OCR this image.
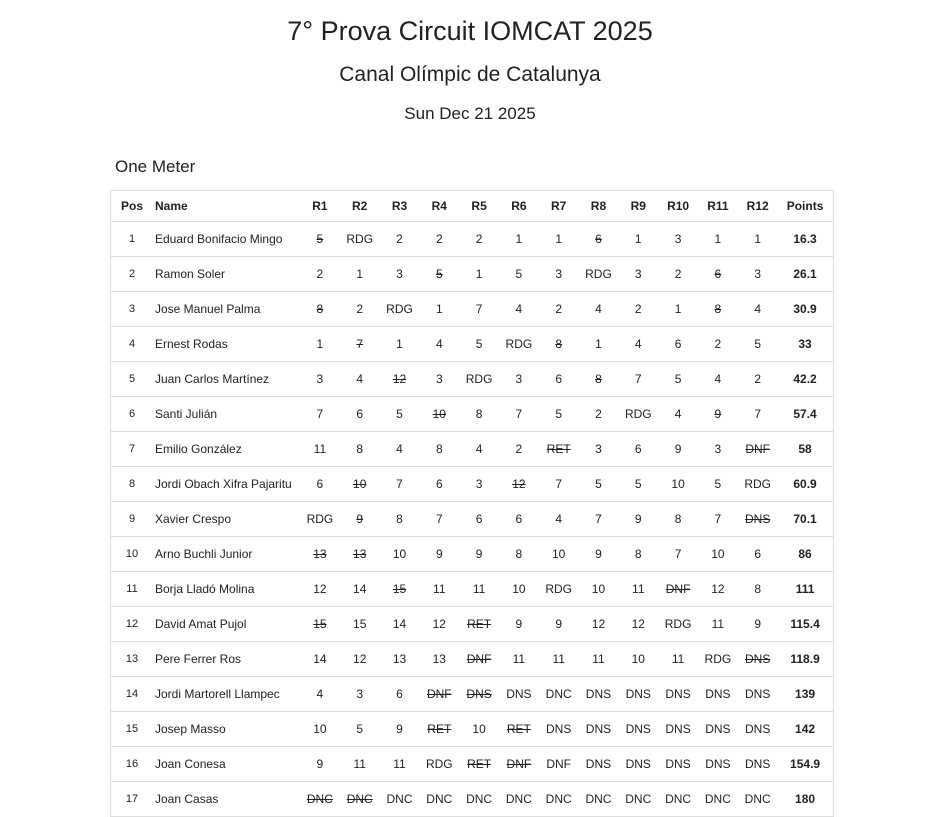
7° Prova Circuit IOMCAT 2025
Canal Olímpic de Catalunya
Sun Dec 21 2025
One Meter
Pos	Name	R1	R2	R3	R4	R5	R6	R7	R8	R9	R10	R11	R12	Points
1	Eduard Bonifacio Mingo	5	RDG	2	2	2	1	1	6	1	3	1	1	16.3
2	Ramon Soler	2	1	3	5	1	5	3	RDG	3	2	6	3	26.1
3	Jose Manuel Palma	8	2	RDG	1	7	4	2	4	2	1	8	4	30.9
4	Ernest Rodas	1	7	1	4	5	RDG	8	1	4	6	2	5	33
5	Juan Carlos Martínez	3	4	12	3	RDG	3	6	8	7	5	4	2	42.2
6	Santi Julián	7	6	5	10	8	7	5	2	RDG	4	9	7	57.4
7	Emilio González	11	8	4	8	4	2	RET	3	6	9	3	DNF	58
8	Jordi Obach Xifra Pajaritu	6	10	7	6	3	12	7	5	5	10	5	RDG	60.9
9	Xavier Crespo	RDG	9	8	7	6	6	4	7	9	8	7	DNS	70.1
10	Arno Buchli Junior	13	13	10	9	9	8	10	9	8	7	10	6	86
11	Borja Lladó Molina	12	14	15	11	11	10	RDG	10	11	DNF	12	8	111
12	David Amat Pujol	15	15	14	12	RET	9	9	12	12	RDG	11	9	115.4
13	Pere Ferrer Ros	14	12	13	13	DNF	11	11	11	10	11	RDG	DNS	118.9
14	Jordi Martorell Llampec	4	3	6	DNF	DNS	DNS	DNC	DNS	DNS	DNS	DNS	DNS	139
15	Josep Masso	10	5	9	RET	10	RET	DNS	DNS	DNS	DNS	DNS	DNS	142
16	Joan Conesa	9	11	11	RDG	RET	DNF	DNF	DNS	DNS	DNS	DNS	DNS	154.9
17	Joan Casas	DNC	DNC	DNC	DNC	DNC	DNC	DNC	DNC	DNC	DNC	DNC	DNC	180
